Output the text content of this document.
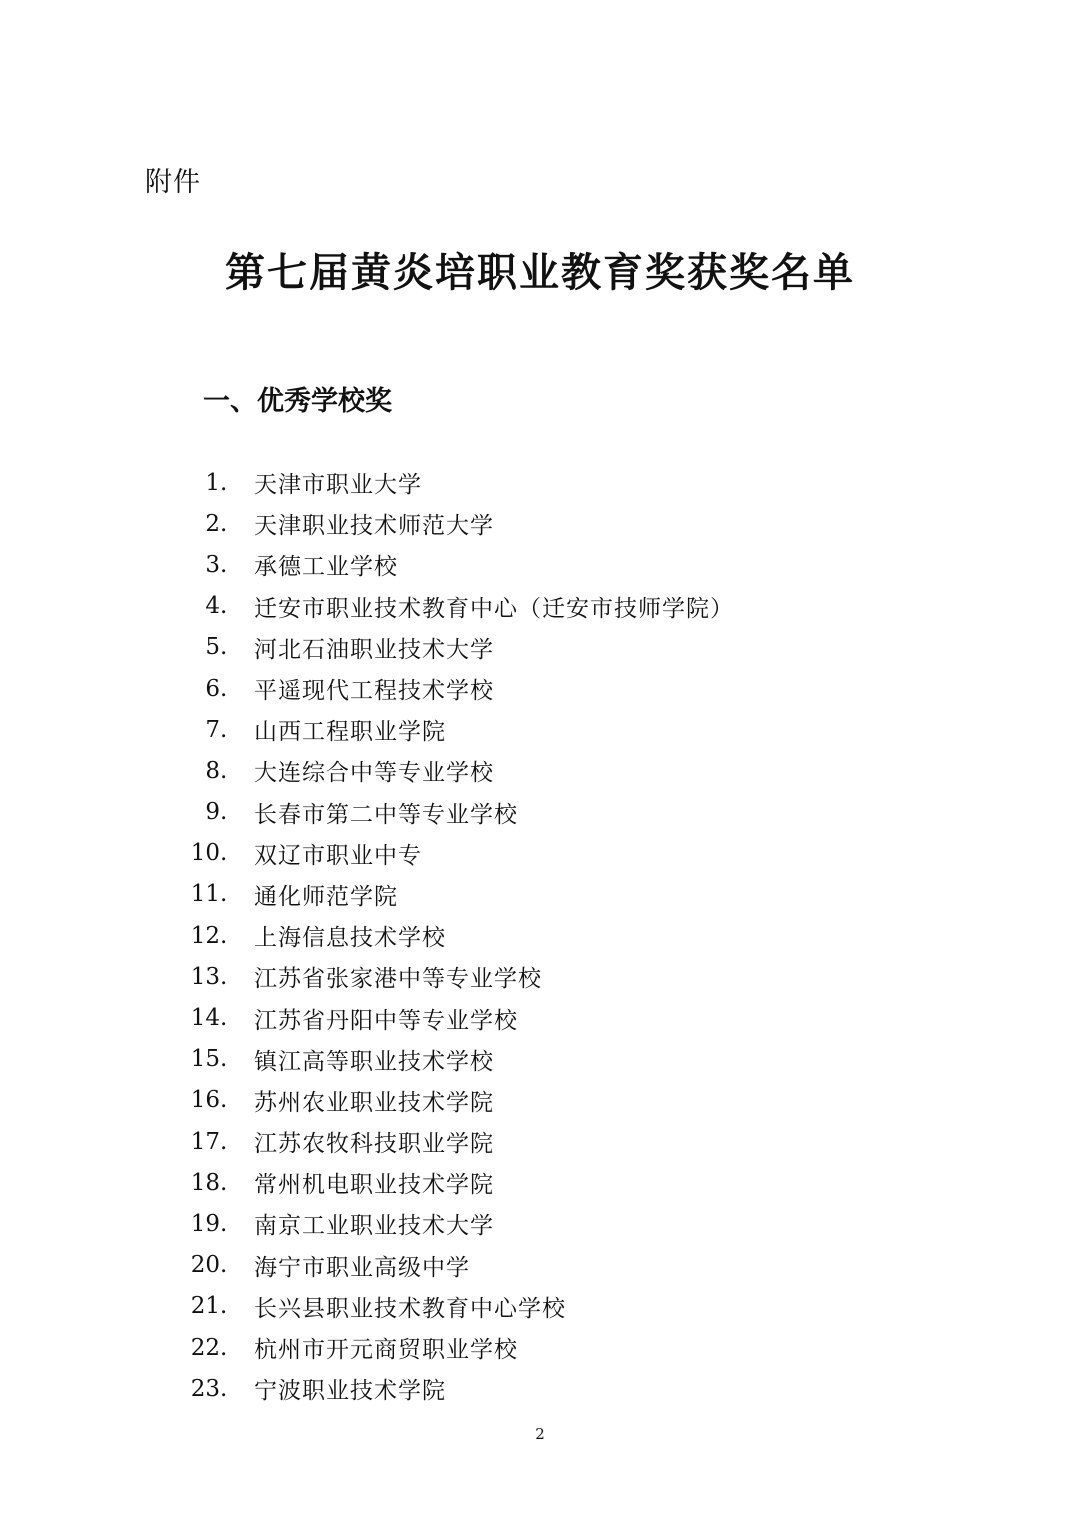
附件
第七届黄炎培职业教育奖获奖名单
一、优秀学校奖
1 .	天津市职业大学
2 .	天津职业技术师范大学
3 .	承德工业学校
4 .	迁安市职业技术教育中心（迁安市技师学院）
5 .	河北石油职业技术大学
6 .	平遥现代工程技术学校
7 .	山西工程职业学院
8 .	大连综合中等专业学校
9 .	长春市第二中等专业学校
10 .	双辽市职业中专
11 .	通化师范学院
12 .	上海信息技术学校
13 .	江苏省张家港中等专业学校
14 .	江苏省丹阳中等专业学校
15 .	镇江高等职业技术学校
16 .	苏州农业职业技术学院
17 .	江苏农牧科技职业学院
18 .	常州机电职业技术学院
19 .	南京工业职业技术大学
20 .	海宁市职业高级中学
21 .	长兴县职业技术教育中心学校
22 .	杭州市开元商贸职业学校
23 .	宁波职业技术学院
2
